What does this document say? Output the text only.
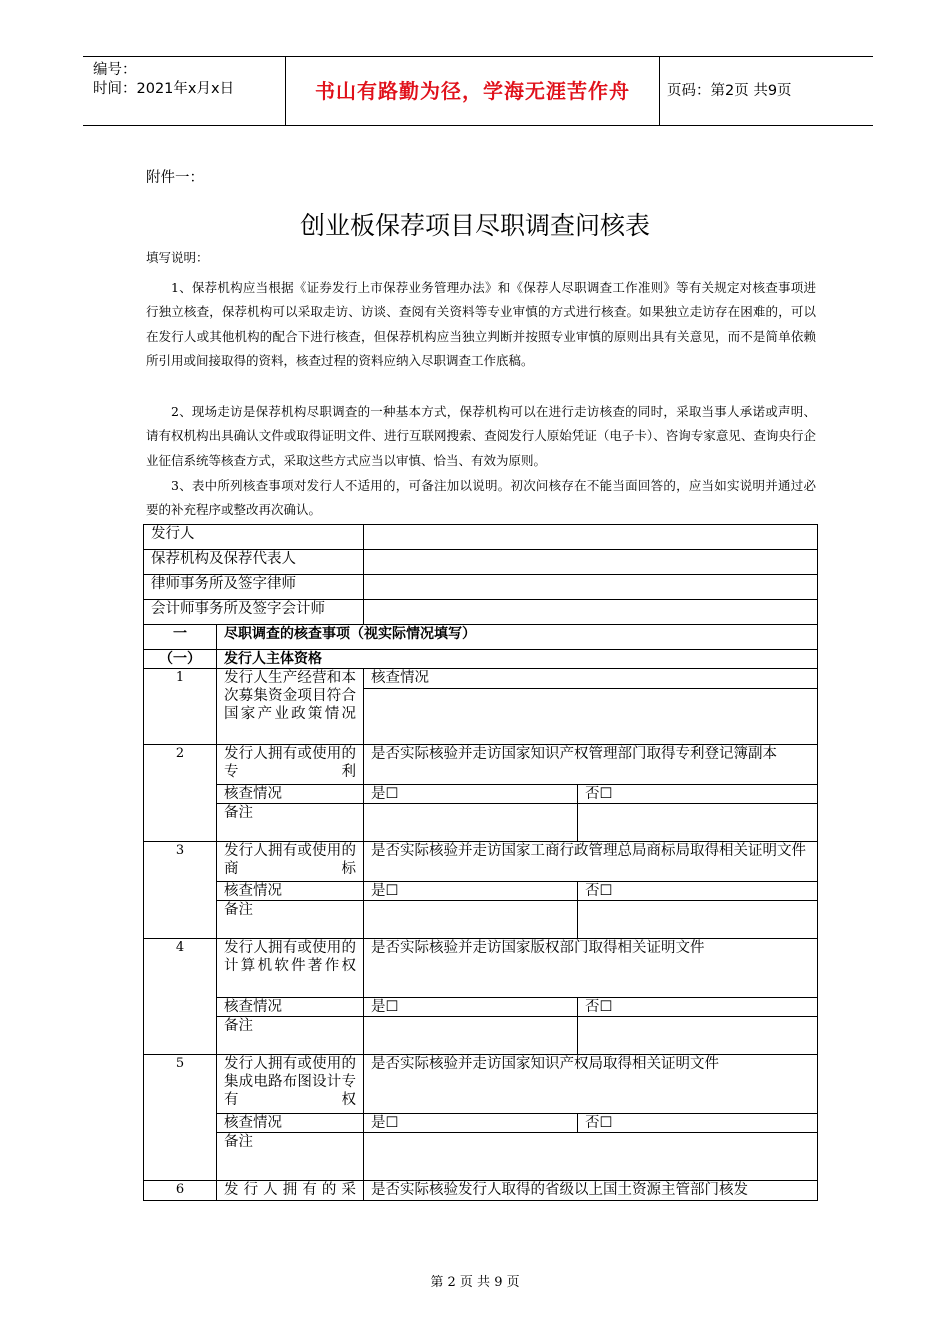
编号：
时间：2021年x月x日	书山有路勤为径，学海无涯苦作舟	页码：第2页 共9页
附件一：
创业板保荐项目尽职调查问核表
填写说明：
1、保荐机构应当根据《证券发行上市保荐业务管理办法》和《保荐人尽职调查工作准则》等有关规定对核查事项进行独立核查，保荐机构可以采取走访、访谈、查阅有关资料等专业审慎的方式进行核查。如果独立走访存在困难的，可以在发行人或其他机构的配合下进行核查，但保荐机构应当独立判断并按照专业审慎的原则出具有关意见，而不是简单依赖所引用或间接取得的资料，核查过程的资料应纳入尽职调查工作底稿。
2、现场走访是保荐机构尽职调查的一种基本方式，保荐机构可以在进行走访核查的同时，采取当事人承诺或声明、请有权机构出具确认文件或取得证明文件、进行互联网搜索、查阅发行人原始凭证（电子卡）、咨询专家意见、查询央行企业征信系统等核查方式，采取这些方式应当以审慎、恰当、有效为原则。
3、表中所列核查事项对发行人不适用的，可备注加以说明。初次问核存在不能当面回答的，应当如实说明并通过必要的补充程序或整改再次确认。
发行人			
保荐机构及保荐代表人			
律师事务所及签字律师			
会计师事务所及签字会计师			
一	尽职调查的核查事项（视实际情况填写）		
（一）	发行人主体资格		
1	发行人生产经营和本次募集资金项目符合国家产业政策情况	核查情况	

2	发行人拥有或使用的专利	是否实际核验并走访国家知识产权管理部门取得专利登记簿副本	
	核查情况	是☐	否☐
	备注		
3	发行人拥有或使用的商标	是否实际核验并走访国家工商行政管理总局商标局取得相关证明文件	
	核查情况	是☐	否☐
	备注		
4	发行人拥有或使用的计算机软件著作权	是否实际核验并走访国家版权部门取得相关证明文件	
	核查情况	是☐	否☐
	备注		
5	发行人拥有或使用的集成电路布图设计专有权	是否实际核验并走访国家知识产权局取得相关证明文件	
	核查情况	是☐	否☐
	备注		
6	发行人拥有的采	是否实际核验发行人取得的省级以上国土资源主管部门核发	
第 2 页 共 9 页
